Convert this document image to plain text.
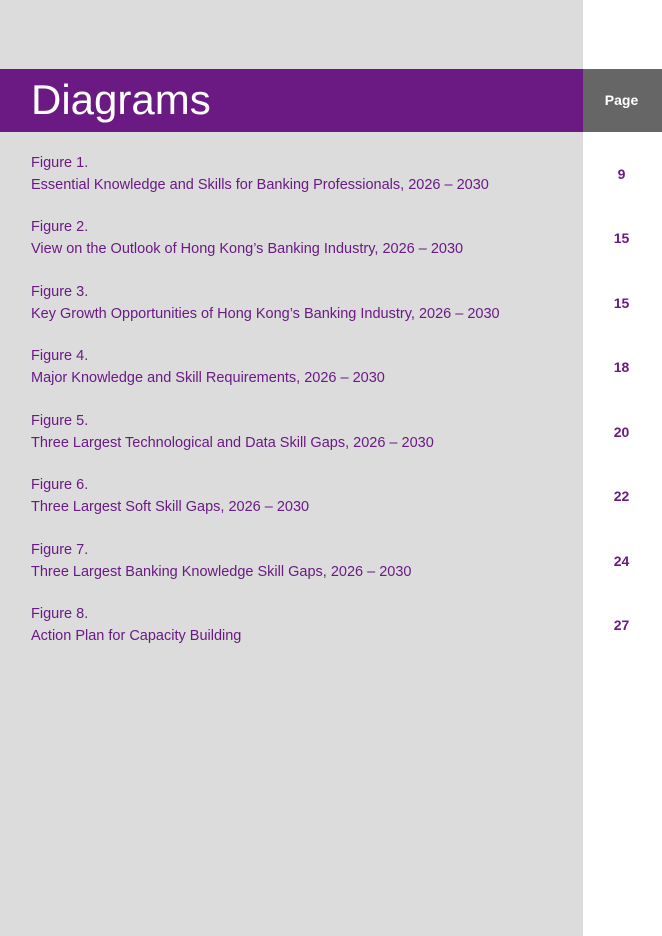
Diagrams	Page
Figure 1.
Essential Knowledge and Skills for Banking Professionals, 2026 – 2030
9
Figure 2.
View on the Outlook of Hong Kong’s Banking Industry, 2026 – 2030
15
Figure 3.
Key Growth Opportunities of Hong Kong’s Banking Industry, 2026 – 2030
15
Figure 4.
Major Knowledge and Skill Requirements, 2026 – 2030
18
Figure 5.
Three Largest Technological and Data Skill Gaps, 2026 – 2030
20
Figure 6.
Three Largest Soft Skill Gaps, 2026 – 2030
22
Figure 7.
Three Largest Banking Knowledge Skill Gaps, 2026 – 2030
24
Figure 8.
Action Plan for Capacity Building
27
